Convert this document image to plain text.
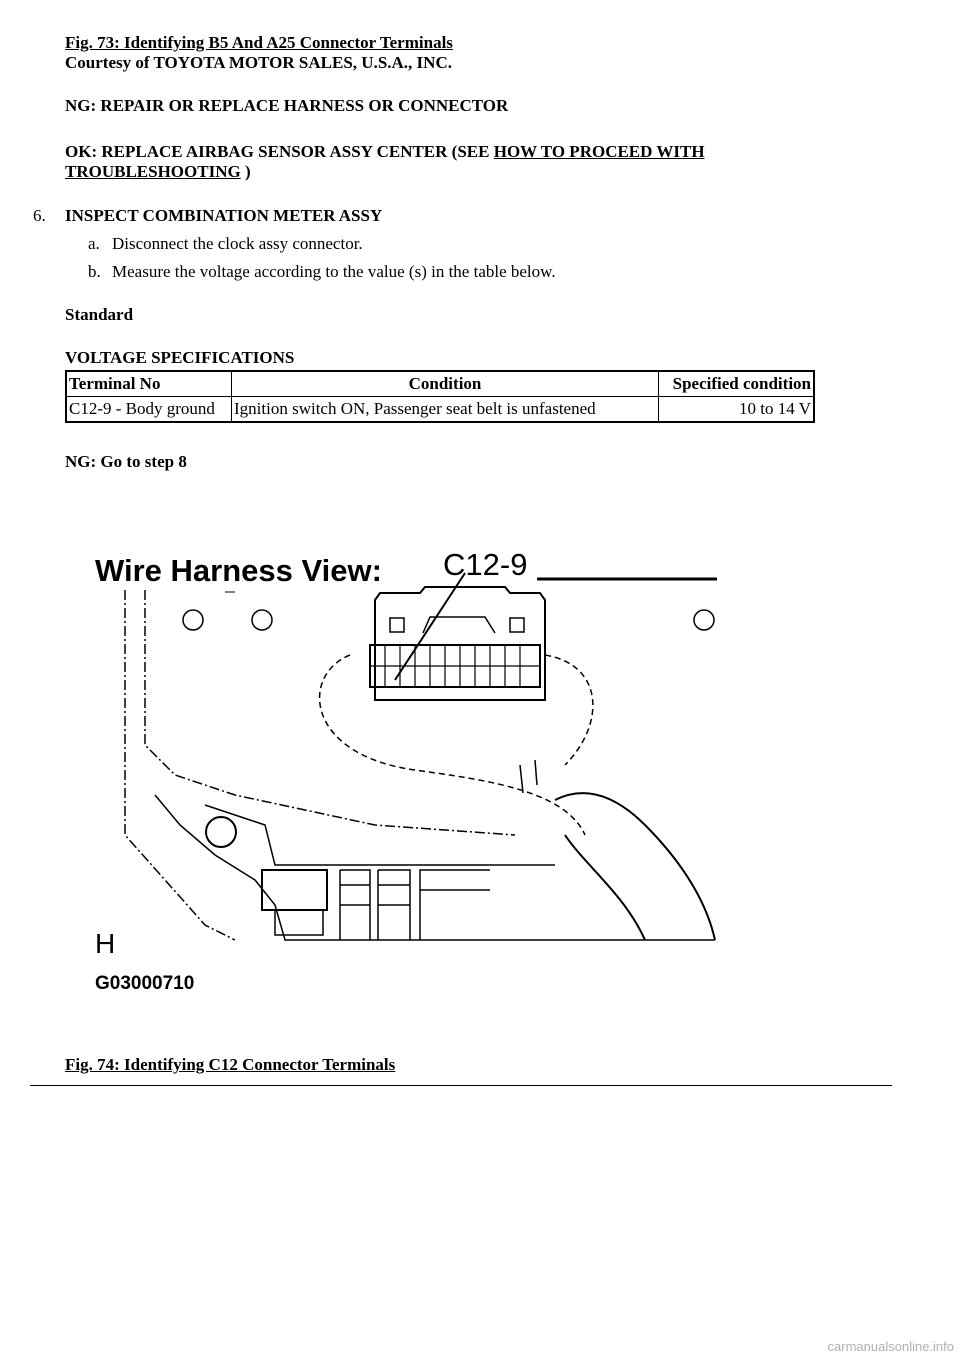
Fig. 73: Identifying B5 And A25 Connector Terminals
Courtesy of TOYOTA MOTOR SALES, U.S.A., INC.
NG: REPAIR OR REPLACE HARNESS OR CONNECTOR
OK: REPLACE AIRBAG SENSOR ASSY CENTER (SEE HOW TO PROCEED WITH
TROUBLESHOOTING )
6. INSPECT COMBINATION METER ASSY
a. Disconnect the clock assy connector.
b. Measure the voltage according to the value (s) in the table below.
Standard
VOLTAGE SPECIFICATIONS
Terminal No	Condition	Specified condition
C12-9 - Body ground	Ignition switch ON, Passenger seat belt is unfastened	10 to 14 V
NG: Go to step 8
Wire Harness View: C12-9
H
G03000710
Fig. 74: Identifying C12 Connector Terminals
carmanualsonline.info
